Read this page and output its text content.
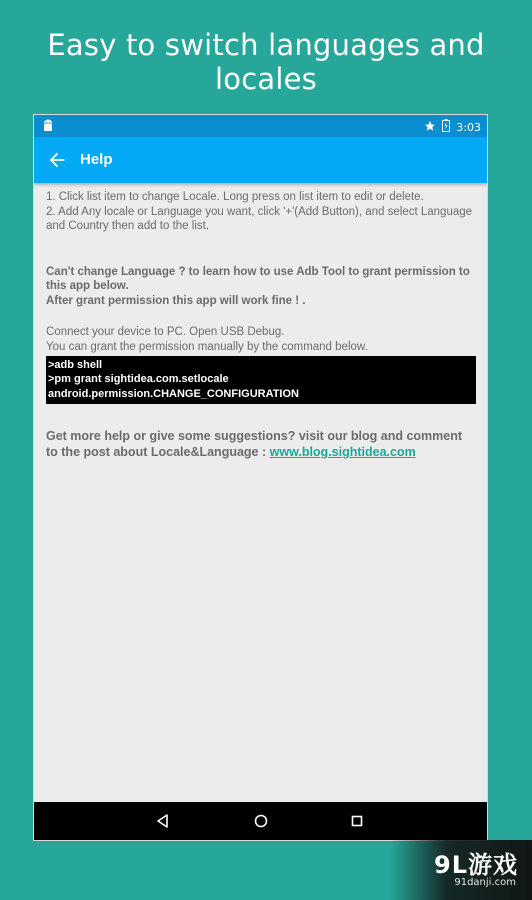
Easy to switch languages and locales
3:03
Help

1. Click list item to change Locale. Long press on list item to edit or delete.

2. Add Any locale or Language you want, click '+'(Add Button), and select Language and Country then add to the list.

Can't change Language ? to learn how to use Adb Tool to grant permission to this app below.

After grant permission this app will work fine ! .

Connect your device to PC. Open USB Debug.

You can grant the permission manually by the command below.

>adb shell
>pm grant sightidea.com.setlocale
android.permission.CHANGE_CONFIGURATION

Get more help or give some suggestions? visit our blog and comment to the post about Locale&Language : www.blog.sightidea.com

9L游戏
91danji.com
